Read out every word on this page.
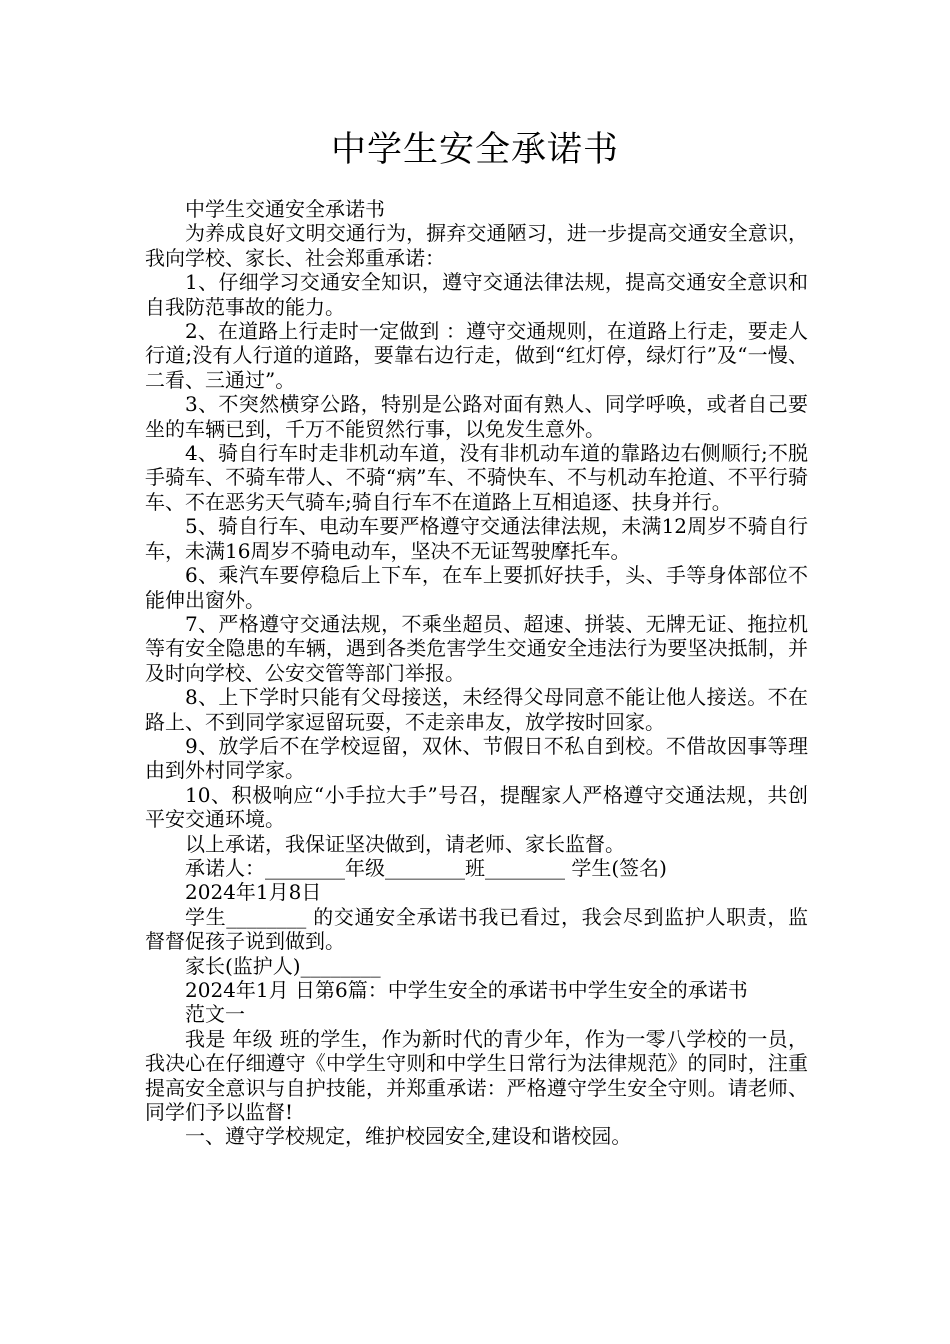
中学生安全承诺书

中学生交通安全承诺书

为养成良好文明交通行为，摒弃交通陋习，进一步提高交通安全意识，我向学校、家长、社会郑重承诺：

1、仔细学习交通安全知识，遵守交通法律法规，提高交通安全意识和自我防范事故的能力。

2、在道路上行走时一定做到 ：遵守交通规则，在道路上行走，要走人行道;没有人行道的道路，要靠右边行走，做到“红灯停，绿灯行”及“一慢、二看、三通过”。

3、不突然横穿公路，特别是公路对面有熟人、同学呼唤，或者自己要坐的车辆已到，千万不能贸然行事，以免发生意外。

4、骑自行车时走非机动车道，没有非机动车道的靠路边右侧顺行;不脱手骑车、不骑车带人、不骑“病”车、不骑快车、不与机动车抢道、不平行骑车、不在恶劣天气骑车;骑自行车不在道路上互相追逐、扶身并行。

5、骑自行车、电动车要严格遵守交通法律法规，未满12周岁不骑自行车，未满16周岁不骑电动车，坚决不无证驾驶摩托车。

6、乘汽车要停稳后上下车，在车上要抓好扶手，头、手等身体部位不能伸出窗外。

7、严格遵守交通法规，不乘坐超员、超速、拼装、无牌无证、拖拉机等有安全隐患的车辆，遇到各类危害学生交通安全违法行为要坚决抵制，并及时向学校、公安交管等部门举报。

8、上下学时只能有父母接送，未经得父母同意不能让他人接送。不在路上、不到同学家逗留玩耍，不走亲串友，放学按时回家。

9、放学后不在学校逗留，双休、节假日不私自到校。不借故因事等理由到外村同学家。

10、积极响应“小手拉大手”号召，提醒家人严格遵守交通法规，共创平安交通环境。

以上承诺，我保证坚决做到，请老师、家长监督。

承诺人：________年级________班________ 学生(签名)

2024年1月8日

学生________ 的交通安全承诺书我已看过，我会尽到监护人职责，监督督促孩子说到做到。

家长(监护人)________

2024年1月 日第6篇：中学生安全的承诺书中学生安全的承诺书

范文一

我是 年级 班的学生，作为新时代的青少年，作为一零八学校的一员，我决心在仔细遵守《中学生守则和中学生日常行为法律规范》的同时，注重提高安全意识与自护技能，并郑重承诺：严格遵守学生安全守则。请老师、同学们予以监督!

一、遵守学校规定，维护校园安全,建设和谐校园。
